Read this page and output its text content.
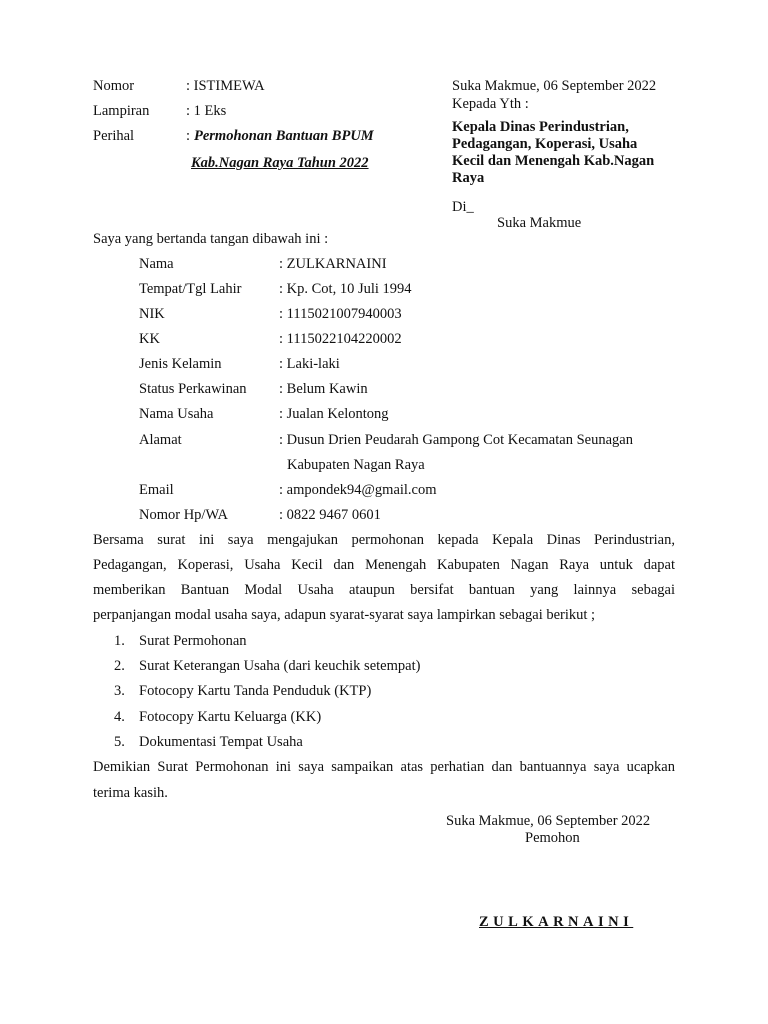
Nomor	: ISTIMEWA
Lampiran	: 1 Eks
Perihal	: Permohonan Bantuan BPUM
Kab.Nagan Raya Tahun 2022
Suka Makmue, 06 September 2022
Kepada Yth :
Kepala Dinas Perindustrian,
Pedagangan, Koperasi, Usaha
Kecil dan Menengah Kab.Nagan
Raya
Di_
Suka Makmue
Saya yang bertanda tangan dibawah ini :
Nama	: ZULKARNAINI
Tempat/Tgl Lahir	: Kp. Cot, 10 Juli 1994
NIK	: 1115021007940003
KK	: 1115022104220002
Jenis Kelamin	: Laki-laki
Status Perkawinan	: Belum Kawin
Nama Usaha	: Jualan Kelontong
Alamat	: Dusun Drien Peudarah Gampong Cot Kecamatan Seunagan
Kabupaten Nagan Raya
Email	: ampondek94@gmail.com
Nomor Hp/WA	: 0822 9467 0601
Bersama surat ini saya mengajukan permohonan kepada Kepala Dinas Perindustrian,
Pedagangan, Koperasi, Usaha Kecil dan Menengah Kabupaten Nagan Raya untuk dapat
memberikan Bantuan Modal Usaha ataupun bersifat bantuan yang lainnya sebagai
perpanjangan modal usaha saya, adapun syarat-syarat saya lampirkan sebagai berikut ;
1. Surat Permohonan
2. Surat Keterangan Usaha (dari keuchik setempat)
3. Fotocopy Kartu Tanda Penduduk (KTP)
4. Fotocopy Kartu Keluarga (KK)
5. Dokumentasi Tempat Usaha
Demikian Surat Permohonan ini saya sampaikan atas perhatian dan bantuannya saya ucapkan
terima kasih.
Suka Makmue, 06 September 2022
Pemohon
ZULKARNAINI
